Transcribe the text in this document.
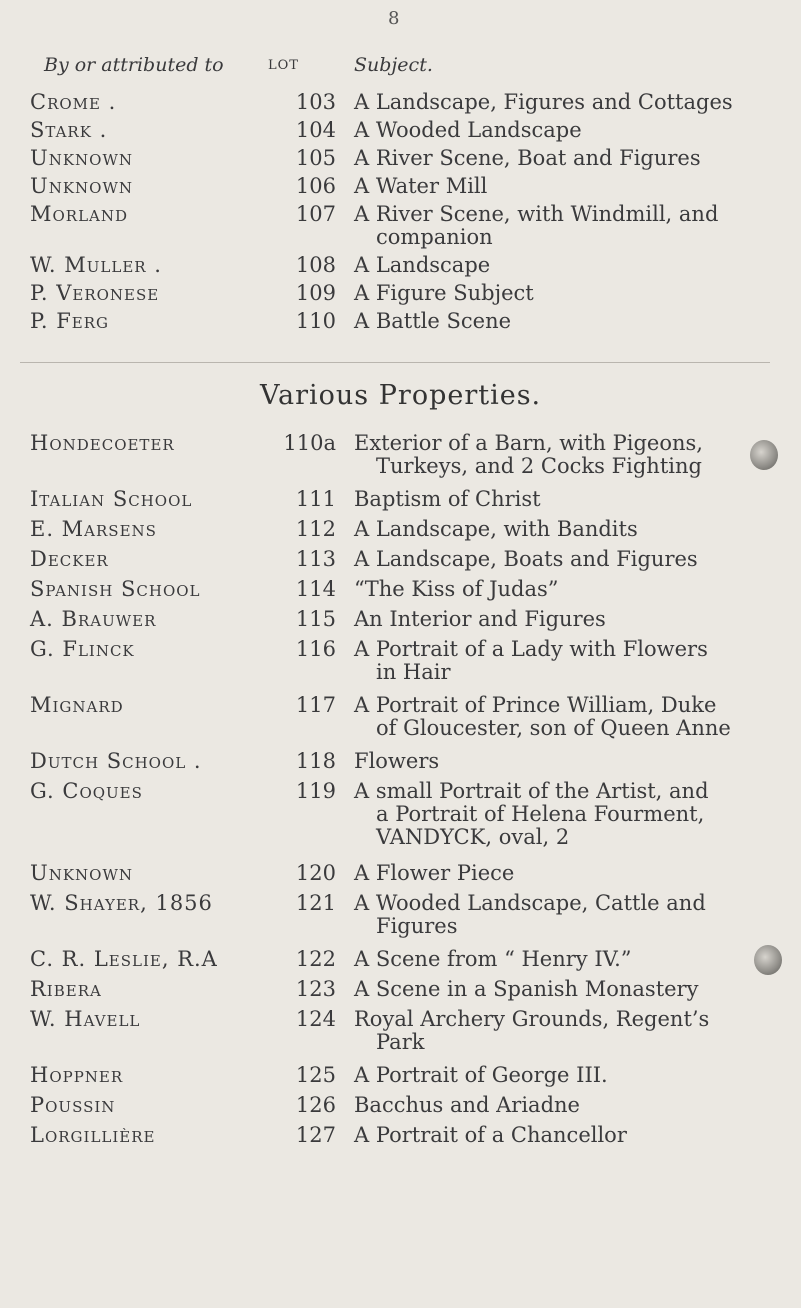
8
By or attributed to	LOT	Subject.
Crome .	103 A Landscape, Figures and Cottages
Stark .	104 A Wooded Landscape
Unknown	105 A River Scene, Boat and Figures
Unknown	106 A Water Mill
Morland	107 A River Scene, with Windmill, and
companion
W. Muller .	108 A Landscape
P. Veronese	109 A Figure Subject
P. Ferg	110 A Battle Scene
Various Properties.
Hondecoeter	110a Exterior of a Barn, with Pigeons,
Turkeys, and 2 Cocks Fighting
Italian School	111 Baptism of Christ
E. Marsens	112 A Landscape, with Bandits
Decker	113 A Landscape, Boats and Figures
Spanish School	114 “The Kiss of Judas”
A. Brauwer	115 An Interior and Figures
G. Flinck	116 A Portrait of a Lady with Flowers
in Hair
Mignard	117 A Portrait of Prince William, Duke
of Gloucester, son of Queen Anne
Dutch School .	118 Flowers
G. Coques	119 A small Portrait of the Artist, and
a Portrait of Helena Fourment,
VANDYCK, oval, 2
Unknown	120 A Flower Piece
W. Shayer, 1856	121 A Wooded Landscape, Cattle and
Figures
C. R. Leslie, R.A	122 A Scene from “ Henry IV.”
Ribera	123 A Scene in a Spanish Monastery
W. Havell	124 Royal Archery Grounds, Regent’s
Park
Hoppner	125 A Portrait of George III.
Poussin	126 Bacchus and Ariadne
Lorgillière	127 A Portrait of a Chancellor
